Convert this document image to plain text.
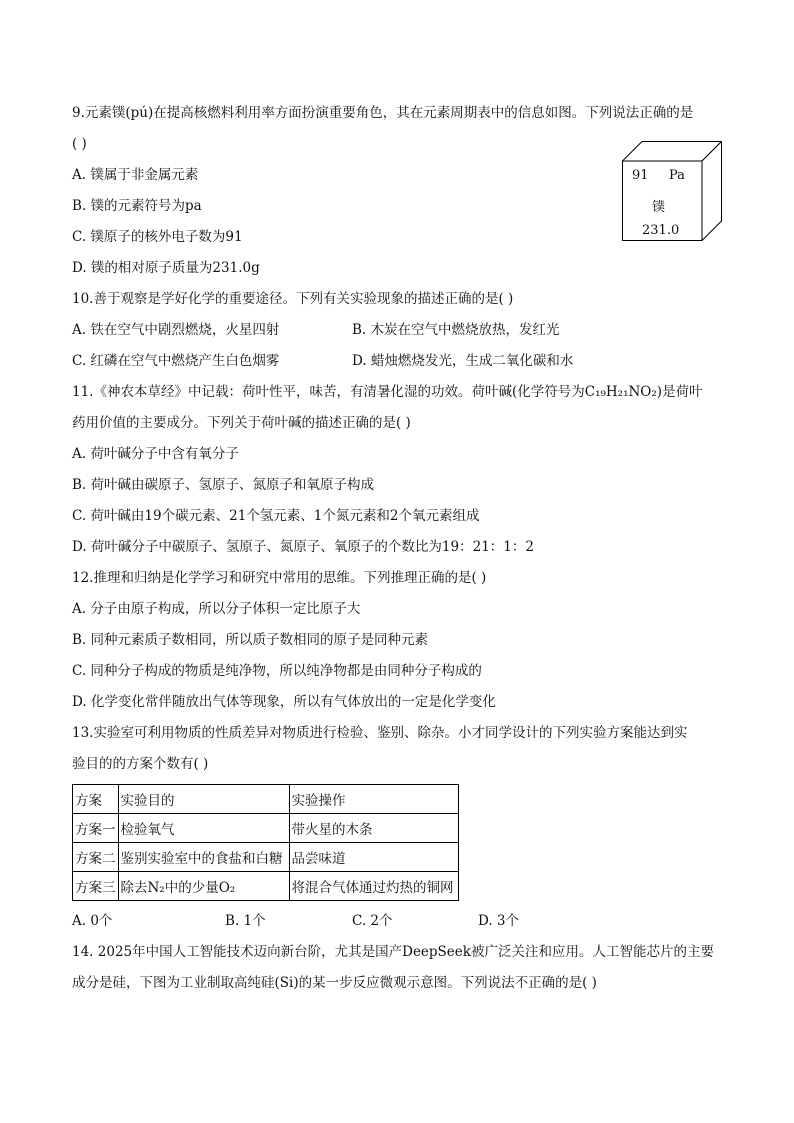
9.元素镤(pú)在提高核燃料利用率方面扮演重要角色，其在元素周期表中的信息如图。下列说法正确的是
( )
A. 镤属于非金属元素
B. 镤的元素符号为pa
C. 镤原子的核外电子数为91
D. 镤的相对原子质量为231.0g
91 Pa
镤
231.0
10.善于观察是学好化学的重要途径。下列有关实验现象的描述正确的是( )
A. 铁在空气中剧烈燃烧，火星四射	B. 木炭在空气中燃烧放热，发红光
C. 红磷在空气中燃烧产生白色烟雾	D. 蜡烛燃烧发光，生成二氧化碳和水
11.《神农本草经》中记载：荷叶性平，味苦，有清暑化湿的功效。荷叶碱(化学符号为C₁₉H₂₁NO₂)是荷叶
药用价值的主要成分。下列关于荷叶碱的描述正确的是( )
A. 荷叶碱分子中含有氧分子
B. 荷叶碱由碳原子、氢原子、氮原子和氧原子构成
C. 荷叶碱由19个碳元素、21个氢元素、1个氮元素和2个氧元素组成
D. 荷叶碱分子中碳原子、氢原子、氮原子、氧原子的个数比为19：21：1：2
12.推理和归纳是化学学习和研究中常用的思维。下列推理正确的是( )
A. 分子由原子构成，所以分子体积一定比原子大
B. 同种元素质子数相同，所以质子数相同的原子是同种元素
C. 同种分子构成的物质是纯净物，所以纯净物都是由同种分子构成的
D. 化学变化常伴随放出气体等现象，所以有气体放出的一定是化学变化
13.实验室可利用物质的性质差异对物质进行检验、鉴别、除杂。小才同学设计的下列实验方案能达到实
验目的的方案个数有( )
方案	实验目的	实验操作
方案一	检验氧气	带火星的木条
方案二	鉴别实验室中的食盐和白糖	品尝味道
方案三	除去N₂中的少量O₂	将混合气体通过灼热的铜网
A. 0个	B. 1个	C. 2个	D. 3个
14. 2025年中国人工智能技术迈向新台阶，尤其是国产DeepSeek被广泛关注和应用。人工智能芯片的主要
成分是硅，下图为工业制取高纯硅(Si)的某一步反应微观示意图。下列说法不正确的是( )
